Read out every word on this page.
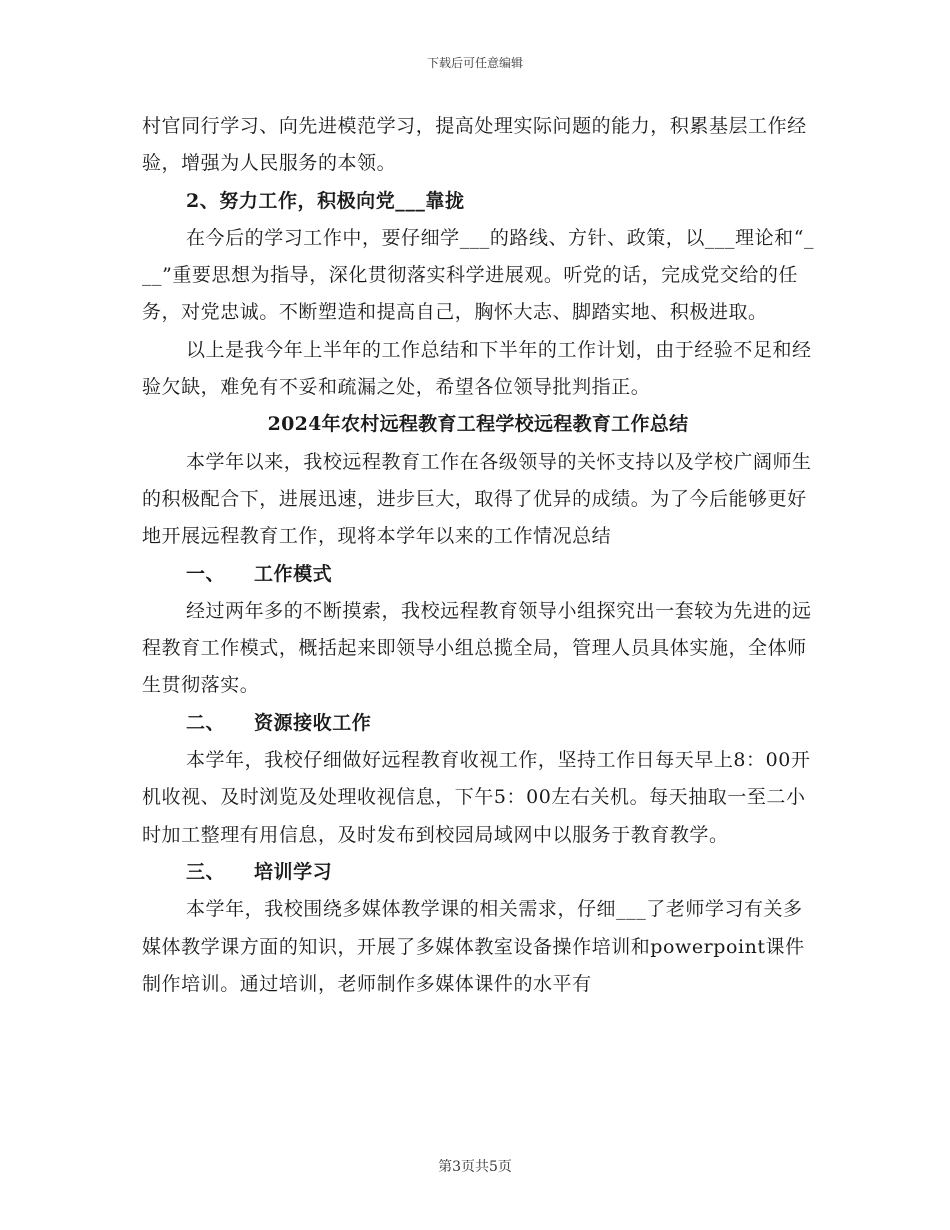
下载后可任意编辑

村官同行学习、向先进模范学习，提高处理实际问题的能力，积累基层工作经验，增强为人民服务的本领。

2、努力工作，积极向党___靠拢

在今后的学习工作中，要仔细学___的路线、方针、政策，以___理论和“___”重要思想为指导，深化贯彻落实科学进展观。听党的话，完成党交给的任务，对党忠诚。不断塑造和提高自己，胸怀大志、脚踏实地、积极进取。

以上是我今年上半年的工作总结和下半年的工作计划，由于经验不足和经验欠缺，难免有不妥和疏漏之处，希望各位领导批判指正。

2024年农村远程教育工程学校远程教育工作总结

本学年以来，我校远程教育工作在各级领导的关怀支持以及学校广阔师生的积极配合下，进展迅速，进步巨大，取得了优异的成绩。为了今后能够更好地开展远程教育工作，现将本学年以来的工作情况总结

一、 工作模式

经过两年多的不断摸索，我校远程教育领导小组探究出一套较为先进的远程教育工作模式，概括起来即领导小组总揽全局，管理人员具体实施，全体师生贯彻落实。

二、 资源接收工作

本学年，我校仔细做好远程教育收视工作，坚持工作日每天早上8：00开机收视、及时浏览及处理收视信息，下午5：00左右关机。每天抽取一至二小时加工整理有用信息，及时发布到校园局域网中以服务于教育教学。

三、 培训学习

本学年，我校围绕多媒体教学课的相关需求，仔细___了老师学习有关多媒体教学课方面的知识，开展了多媒体教室设备操作培训和powerpoint课件制作培训。通过培训，老师制作多媒体课件的水平有

第3页共5页
